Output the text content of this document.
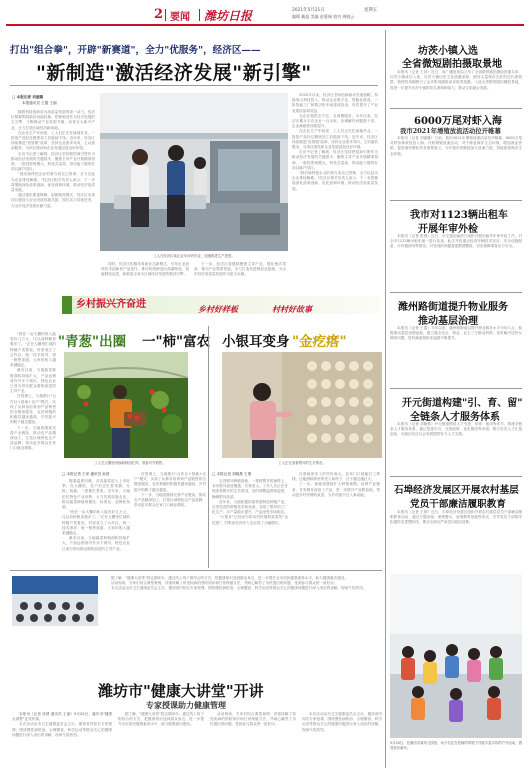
2 要闻 潍坊日报	2021年5月21日	星期五
编辑 戴旭 美编 赵蔓瑞 校对 周晓云
打出"组合拳"，开辟"新赛道"，全力"优服务"，经济区——
"新制造"激活经济发展"新引擎"
□ 本报记者 刘丽娜
本报通讯员 王霞 王丽
随着科技创新成为高质量发展的第一动力，经济区紧紧围绕新旧动能转换，把新制造作为经济发展的主引擎，不断推动产业转型升级，培育壮大新兴产业，全力打造区域经济新高地。
在企业生产车间里，工人们正在忙碌地作业，一批批产品经过精密加工后陆续下线。近年来，经济区持续推进"放管服"改革，坚持企业需求导向，主动靠前服务，为项目建设和企业发展创造良好环境。
走访中记者了解到，经济区坚持把招商引资作为推动经济发展的关键抓手，聚焦主导产业开展精准招商，一批投资规模大、科技含量高、带动能力强的好项目落户园区。
"我们始终把企业的事当成自己的事，全力以赴为企业排忧解难。"经济区相关负责人表示，下一步将继续深化改革创新，优化营商环境，推动经济高质量发展。
通过强化要素保障，创新服务模式，经济区实现项目建设与企业发展同频共振，园区活力持续迸发，为全市经济发展贡献力量。
工人在经济区某企业车间内作业，加速推进生产进度。
同时，经济区积极培育新业态新模式，引导企业加快技术创新和产品迭代，推动传统制造向高端制造、智能制造迈进，新制造正成为区域经济发展的强劲引擎。
下一步，经济区将继续聚焦主导产业，强化链式招商，推动产业集群发展，全力打造先进制造业基地，为全市经济高质量发展作出更大贡献。
2020年以来，经济区坚持创新驱动发展战略，持续加大科技投入，推动企业数字化、智能化改造，一批智能工厂和数字化车间建成投用，有效提升了产业发展质量和效益。
为企业提供全方位、全周期服务。今年以来，经济区累计走访企业一百余家，协调解决问题数十项，企业满意度持续提升。
在企业生产车间里，工人们正在忙碌地作业，一批批产品经过精密加工后陆续下线。近年来，经济区持续推进"放管服"改革，坚持企业需求导向，主动靠前服务，为项目建设和企业发展创造良好环境。
走访中记者了解到，经济区坚持把招商引资作为推动经济发展的关键抓手，聚焦主导产业开展精准招商，一批投资规模大、科技含量高、带动能力强的好项目落户园区。
"我们始终把企业的事当成自己的事，全力以赴为企业排忧解难。"经济区相关负责人表示，下一步将继续深化改革创新，优化营商环境，推动经济高质量发展。
乡村振兴齐奋进	乡村好样板	村村好故事
"青葱"出圈 一"柿"富农
工人在大棚里采摘新鲜西红柿，准备对外销售。
□ 本报记者 王萍 通讯员 孙波
随着温度回暖，各类蔬菜进入上市旺季。在大棚里，农户们正忙着采摘、分拣、装箱，一派繁忙景象。近年来，当地依托特色产业优势，大力发展设施农业，推动蔬菜种植规模化、标准化、品牌化发展。
"现在一亩大棚的收入能有好几万元，比以前种粮食强多了。"正在大棚里忙碌的种植户笑着说，村里成立了合作社，统一技术指导、统一销售渠道，大家的收入越来越稳定。
截至目前，当地蔬菜种植面积持续扩大，产品远销省内外多个城市，特色农业已成为带动群众增收致富的主导产业。
在管理上，当地推行"合作社+基地+农户"模式，实现了从种苗培育到产品销售的全链条服务，农民种植的积极性越来越高，乡村振兴的路子越走越宽。
下一步，当地将继续完善产业链条，推动农产品精深加工，打造区域特色农产品品牌，带动更多群众在家门口就业增收。
"现在一亩大棚的收入能有好几万元，比以前种粮食强多了。"正在大棚里忙碌的种植户笑着说，村里成立了合作社，统一技术指导、统一销售渠道，大家的收入越来越稳定。
截至目前，当地蔬菜种植面积持续扩大，产品远销省内外多个城市，特色农业已成为带动群众增收致富的主导产业。
在管理上，当地推行"合作社+基地+农户"模式，实现了从种苗培育到产品销售的全链条服务，农民种植的积极性越来越高，乡村振兴的路子越走越宽。
下一步，当地将继续完善产业链条，推动农产品精深加工，打造区域特色农产品品牌，带动更多群众在家门口就业增收。
小银耳变身 "金疙瘩"
工人正在查看银耳的生长情况。
□ 本报记者 刘晓燕 王倩
走进银耳种植基地，一排排整齐的菌棒上，朵朵银耳晶莹剔透，长势喜人。工作人员正在仔细查看银耳的生长情况，及时调整温度和湿度，确保银耳品质。
近年来，当地积极探索发展特色种植产业，引进先进的种植技术和设备，实现了银耳的工厂化生产，年产量稳步提升，产品深受市场欢迎。
"小银耳"已经成为带动村民增收致富的"金疙瘩"，村集体经济收入也实现了大幅增长。
在基地里务工的村民表示，在家门口就能打工挣钱，还能照顾家里的老人和孩子，日子越过越红火。
下一步，基地将继续扩大种植规模，延伸产业链条，开发银耳深加工产品，进一步提升产品附加值，带动更多村民增收致富，为乡村振兴注入新动能。
潍坊市"健康大讲堂"开讲
专家授课助力健康管理
本报讯（记者 张倩 通讯员 王丽）5月20日，潍坊市"健康大讲堂"正式开讲。
本次活动由市卫生健康委员会主办，邀请省内知名专家授课，围绕慢性病防治、合理膳食、科学运动等群众关心的健康问题进行深入浅出的讲解，现场气氛热烈。
据了解，"健康大讲堂"将定期举办，通过线上线下相结合的方式，把健康知识送到群众身边，进一步提升全市居民健康素养水平，助力健康潍坊建设。
活动现场，专家们结合典型案例，详细讲解了常见疾病的预防知识和日常保健方法，并耐心解答了市民提出的问题，受到参与群众的一致好评。
本次活动由市卫生健康委员会主办，邀请省内知名专家授课，围绕慢性病防治、合理膳食、科学运动等群众关心的健康问题进行深入浅出的讲解，现场气氛热烈。
据了解，"健康大讲堂"将定期举办，通过线上线下相结合的方式，把健康知识送到群众身边，进一步提升全市居民健康素养水平，助力健康潍坊建设。
活动现场，专家们结合典型案例，详细讲解了常见疾病的预防知识和日常保健方法，并耐心解答了市民提出的问题，受到参与群众的一致好评。
本次活动由市卫生健康委员会主办，邀请省内知名专家授课，围绕慢性病防治、合理膳食、科学运动等群众关心的健康问题进行深入浅出的讲解，现场气氛热烈。
坊茨小镇入选
全省微短剧拍摄取景地
本报讯（记者 王萍）近日，省广播电视局公布了全省微短剧拍摄取景地名单，坊茨小镇成功入选。坊茨小镇历史文化底蕴深厚，拥有大量保存完好的近代建筑群，独特的风貌吸引了众多影视剧组前来取景拍摄。入选全省微短剧拍摄取景地，将进一步提升坊茨小镇的知名度和影响力，推动文旅融合发展。
6000万尾对虾入海
我市2021年增殖放流活动拉开帷幕
本报讯（记者 刘丽娜）日前，我市2021年增殖放流活动拉开帷幕，6000万尾对虾苗种被投放入海。开展增殖放流活动，对于修复海洋生态环境、增加渔业资源、促进渔民增收具有重要意义。今年我市将继续加大放流力度，持续改善海洋生态环境。
我市对1123辆出租车
开展年审外检
本报讯（记者 张倩）近日，市交通运输部门组织开展出租车年审外检工作，对全市1123辆出租车逐一进行检查。此次外检重点检查车辆技术状况、安全设施配备、计价器使用等情况，对发现的问题督促限期整改，切实保障乘客出行安全。
潍州路街道提升物业服务
推动基层治理
本报讯（记者 王霞）今年以来，潍州路街道以提升物业服务水平为切入点，积极推动基层治理创新，建立健全社区、物业、业主三方联动机制，及时解决居民反映的问题，居民满意度和幸福感不断提升。
开元街道构建"引、育、留"
全链条人才服务体系
本报讯（记者 刘晓燕）开元街道围绕人才引进、培育、留用等环节，构建全链条人才服务体系，通过搭建平台、完善政策、优化服务等举措，吸引各类人才扎根创业，为辖区经济社会发展提供有力人才支撑。
石埠经济发展区开展农村基层
党员干部廉洁履职教育
本报讯（记者 王倩）近日，石埠经济发展区组织开展农村基层党员干部廉洁履职教育活动，通过专题讲座、案例警示、参观教育基地等形式，引导党员干部筑牢拒腐防变思想防线，推动全面从严治党向基层延伸。
5月20日，在潍坊市某幼儿园里，孩子们正在老师的带领下开展丰富多彩的户外活动，感受快乐童年。
